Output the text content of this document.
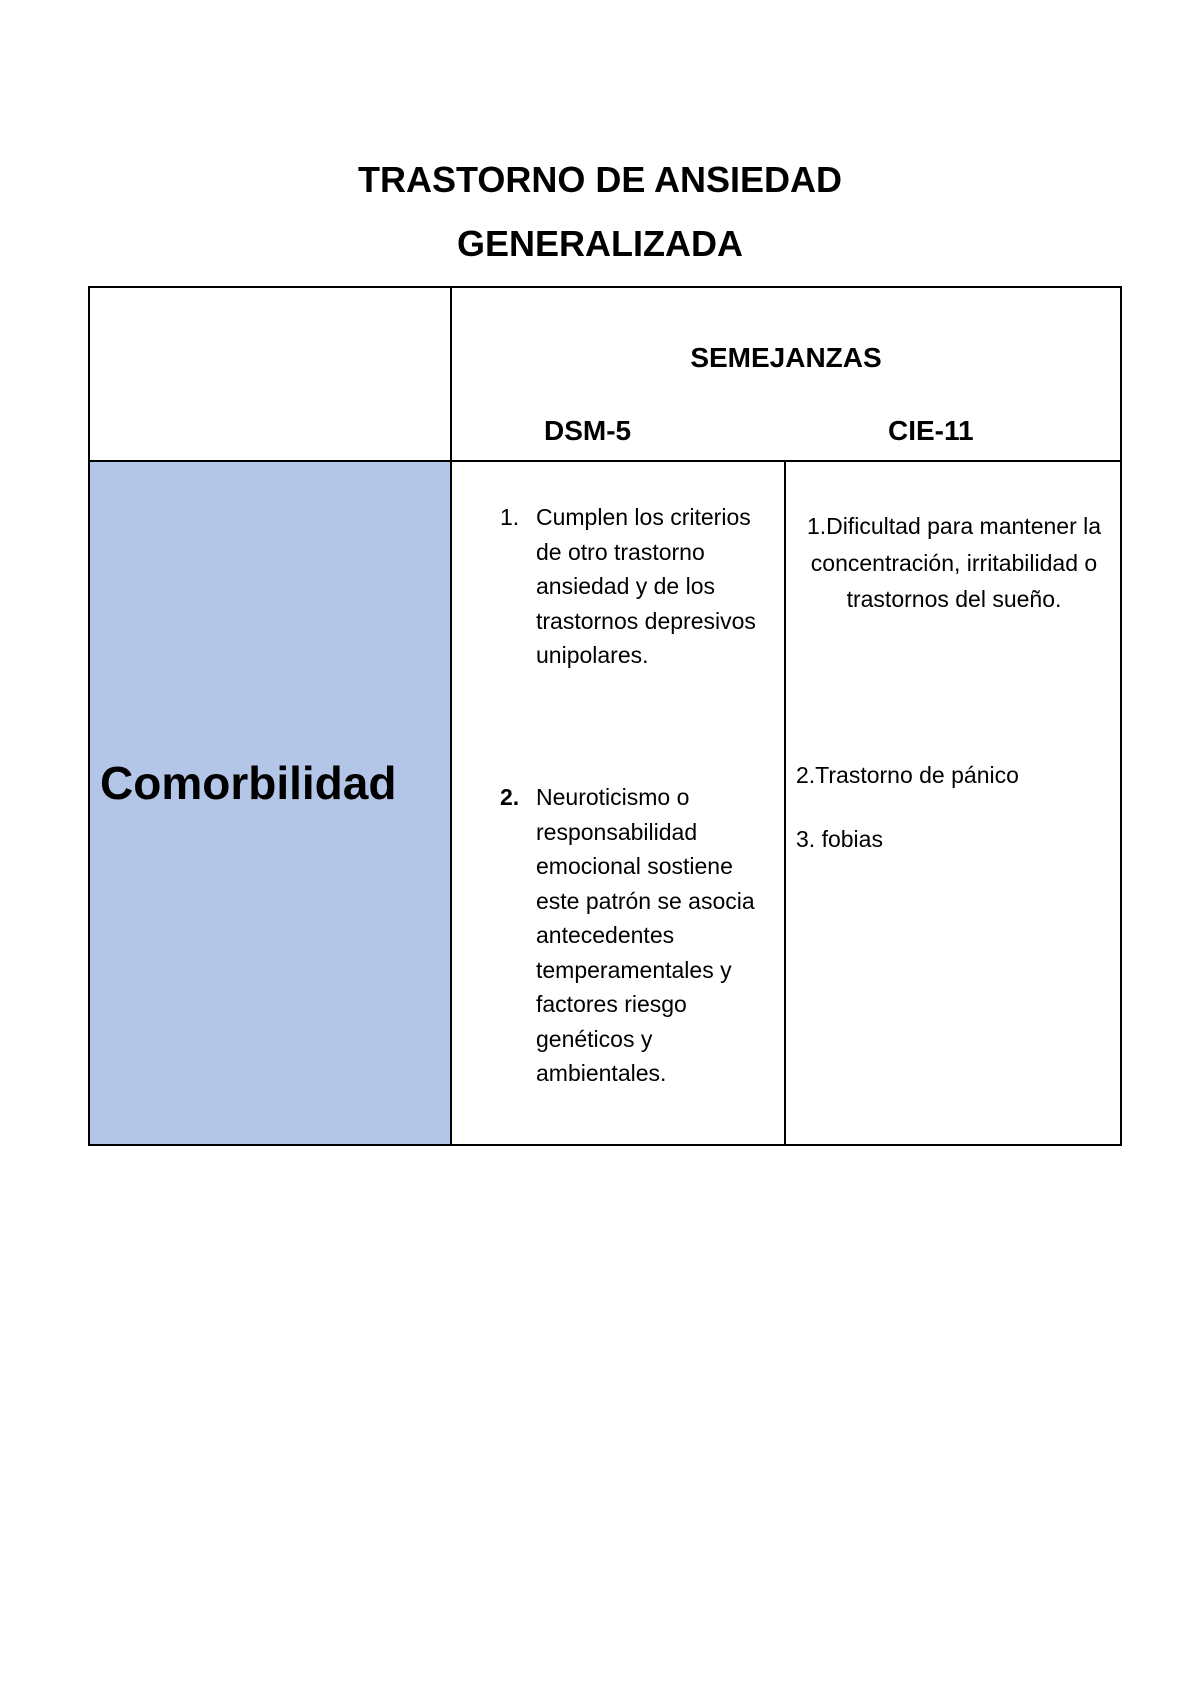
TRASTORNO DE ANSIEDAD
GENERALIZADA
SEMEJANZAS
DSM-5	CIE-11
Comorbilidad
1. Cumplen los criterios de otro trastorno ansiedad y de los trastornos depresivos unipolares.
2. Neuroticismo o responsabilidad emocional sostiene este patrón se asocia antecedentes temperamentales y factores riesgo genéticos y ambientales.
1.Dificultad para mantener la concentración, irritabilidad o trastornos del sueño.
2.Trastorno de pánico
3. fobias
